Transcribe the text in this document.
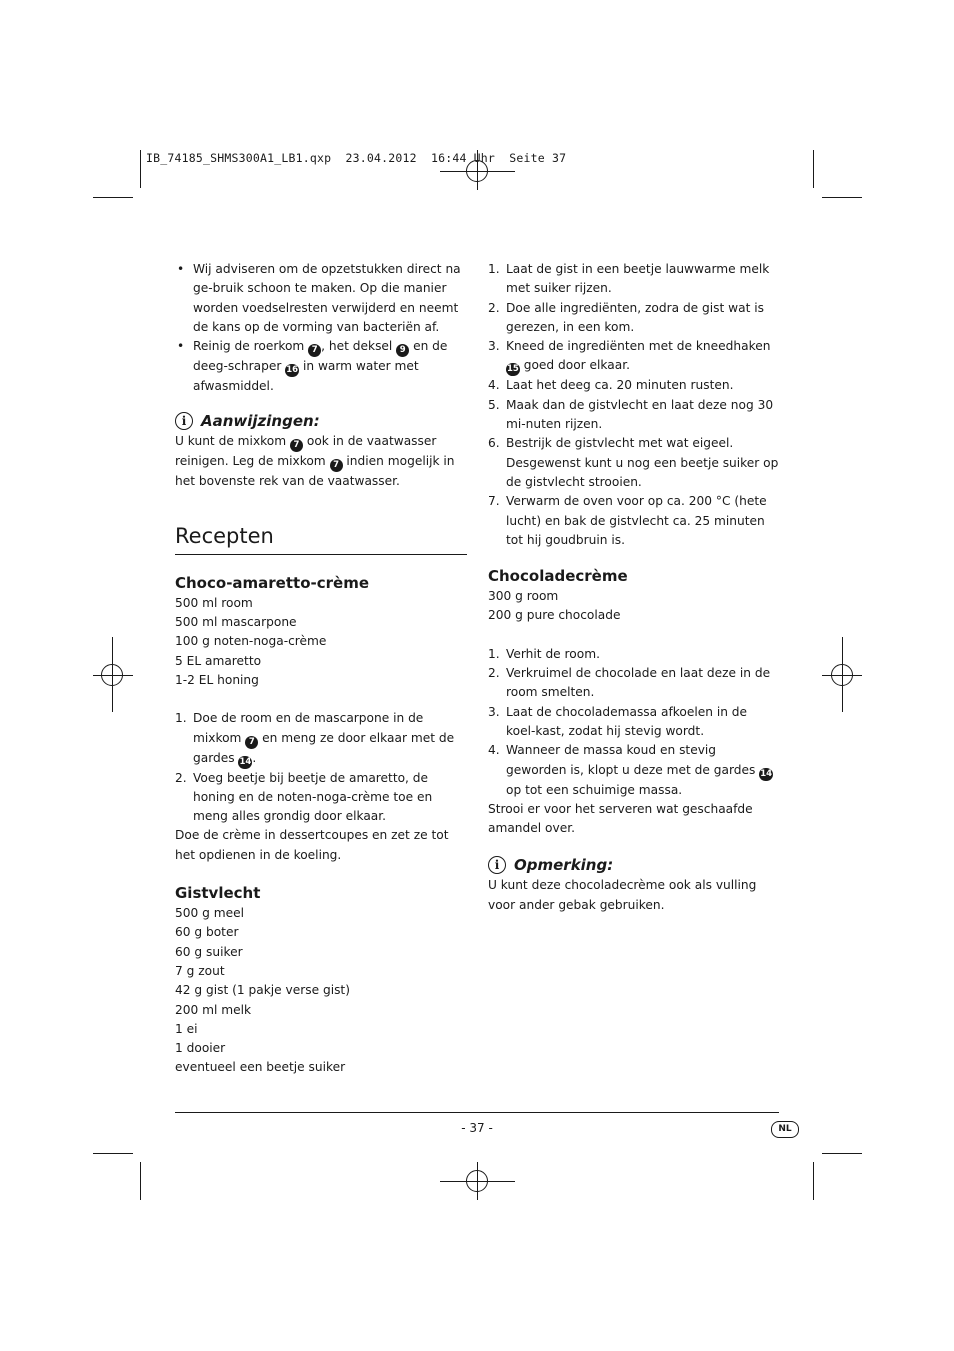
IB_74185_SHMS300A1_LB1.qxp  23.04.2012  16:44 Uhr  Seite 37
• Wij adviseren om de opzetstukken direct na ge-bruik schoon te maken. Op die manier worden voedselresten verwijderd en neemt de kans op de vorming van bacteriën af.
• Reinig de roerkom 7 , het deksel 9 en de deeg-schraper 16 in warm water met afwasmiddel.
i Aanwijzingen:
U kunt de mixkom 7 ook in de vaatwasser reinigen. Leg de mixkom 7 indien mogelijk in het bovenste rek van de vaatwasser.
Recepten
Choco-amaretto-crème
500 ml room
500 ml mascarpone
100 g noten-noga-crème
5 EL amaretto
1-2 EL honing
1. Doe de room en de mascarpone in de mixkom 7 en meng ze door elkaar met de gardes 14.
2. Voeg beetje bij beetje de amaretto, de honing en de noten-noga-crème toe en meng alles grondig door elkaar.
Doe de crème in dessertcoupes en zet ze tot het opdienen in de koeling.
Gistvlecht
500 g meel
60 g boter
60 g suiker
7 g zout
42 g gist (1 pakje verse gist)
200 ml melk
1 ei
1 dooier
eventueel een beetje suiker
1. Laat de gist in een beetje lauwwarme melk met suiker rijzen.
2. Doe alle ingrediënten, zodra de gist wat is gerezen, in een kom.
3. Kneed de ingrediënten met de kneedhaken 15 goed door elkaar.
4. Laat het deeg ca. 20 minuten rusten.
5. Maak dan de gistvlecht en laat deze nog 30 mi-nuten rijzen.
6. Bestrijk de gistvlecht met wat eigeel. Desgewenst kunt u nog een beetje suiker op de gistvlecht strooien.
7. Verwarm de oven voor op ca. 200 °C (hete lucht) en bak de gistvlecht ca. 25 minuten tot hij goudbruin is.
Chocoladecrème
300 g room
200 g pure chocolade
1. Verhit de room.
2. Verkruimel de chocolade en laat deze in de room smelten.
3. Laat de chocolademassa afkoelen in de koel-kast, zodat hij stevig wordt.
4. Wanneer de massa koud en stevig geworden is, klopt u deze met de gardes 14 op tot een schuimige massa.
Strooi er voor het serveren wat geschaafde amandel over.
i Opmerking:
U kunt deze chocoladecrème ook als vulling voor ander gebak gebruiken.
- 37 -	NL
